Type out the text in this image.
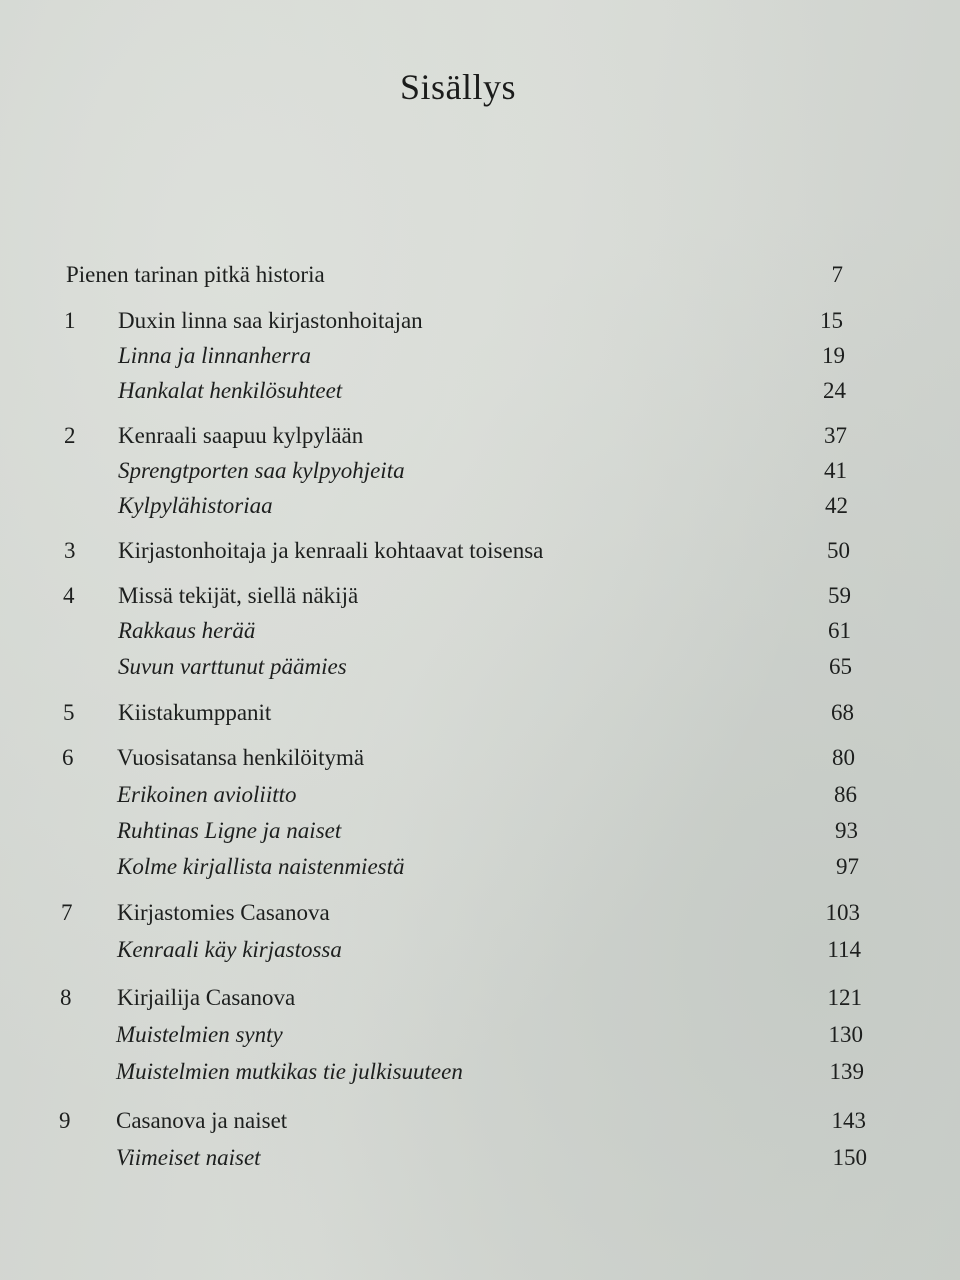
Sisällys
Pienen tarinan pitkä historia	7
1 Duxin linna saa kirjastonhoitajan	15
Linna ja linnanherra	19
Hankalat henkilösuhteet	24
2 Kenraali saapuu kylpylään	37
Sprengtporten saa kylpyohjeita	41
Kylpylähistoriaa	42
3 Kirjastonhoitaja ja kenraali kohtaavat toisensa	50
4 Missä tekijät, siellä näkijä	59
Rakkaus herää	61
Suvun varttunut päämies	65
5 Kiistakumppanit	68
6 Vuosisatansa henkilöitymä	80
Erikoinen avioliitto	86
Ruhtinas Ligne ja naiset	93
Kolme kirjallista naistenmiestä	97
7 Kirjastomies Casanova	103
Kenraali käy kirjastossa	114
8 Kirjailija Casanova	121
Muistelmien synty	130
Muistelmien mutkikas tie julkisuuteen	139
9 Casanova ja naiset	143
Viimeiset naiset	150
